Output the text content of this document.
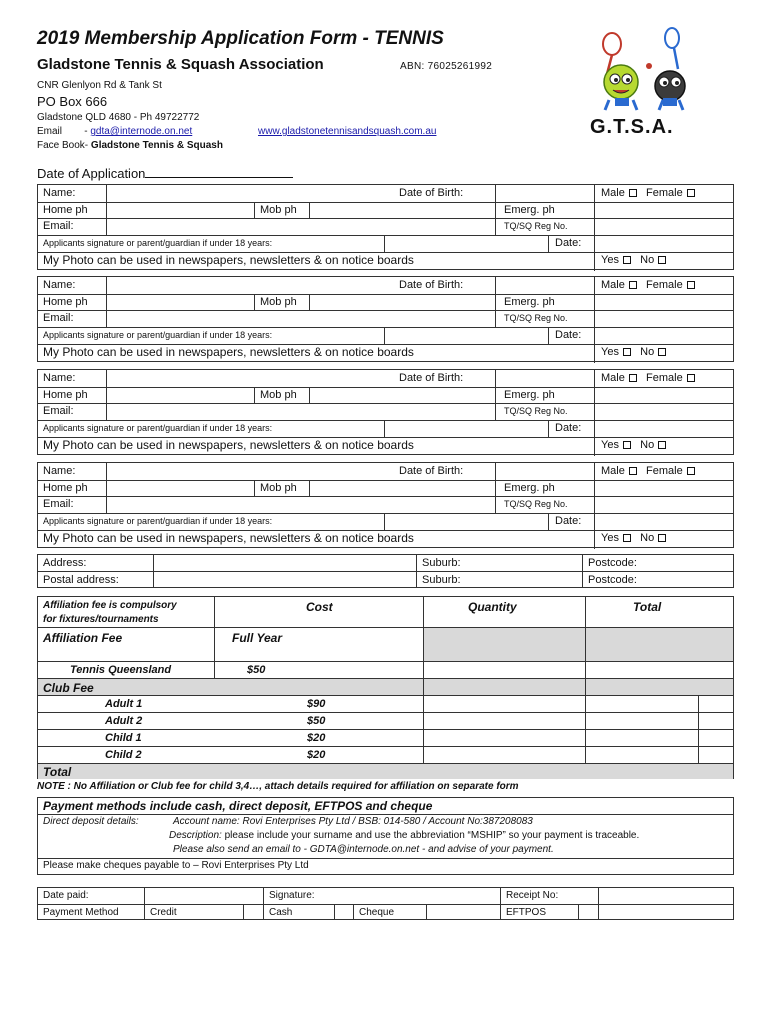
2019 Membership Application Form - TENNIS
Gladstone Tennis & Squash Association	ABN: 76025261992
CNR Glenlyon Rd & Tank St
PO Box 666
Gladstone QLD 4680 - Ph 49722772
Email        - gdta@internode.on.net	www.gladstonetennisandsquash.com.au
Face Book- Gladstone Tennis & Squash
G.T.S.A.
Date of Application
Name:	Date of Birth:	Male Female
Home ph	Mob ph	Emerg. ph
Email:	TQ/SQ Reg No.
Applicants signature or parent/guardian if under 18 years:	Date:
My Photo can be used in newspapers, newsletters & on notice boards	Yes No
Name:	Date of Birth:	Male Female
Home ph	Mob ph	Emerg. ph
Email:	TQ/SQ Reg No.
Applicants signature or parent/guardian if under 18 years:	Date:
My Photo can be used in newspapers, newsletters & on notice boards	Yes No
Name:	Date of Birth:	Male Female
Home ph	Mob ph	Emerg. ph
Email:	TQ/SQ Reg No.
Applicants signature or parent/guardian if under 18 years:	Date:
My Photo can be used in newspapers, newsletters & on notice boards	Yes No
Name:	Date of Birth:	Male Female
Home ph	Mob ph	Emerg. ph
Email:	TQ/SQ Reg No.
Applicants signature or parent/guardian if under 18 years:	Date:
My Photo can be used in newspapers, newsletters & on notice boards	Yes No
Address:	Suburb:	Postcode:
Postal address:	Suburb:	Postcode:
Affiliation fee is compulsory
for fixtures/tournaments
Cost	Quantity	Total
Affiliation Fee	Full Year
Tennis Queensland	$50
Club Fee
Adult 1	$90
Adult 2	$50
Child 1	$20
Child 2	$20
Total
NOTE : No Affiliation or Club fee for child 3,4…, attach details required for affiliation on separate form
Payment methods include cash, direct deposit, EFTPOS and cheque
Direct deposit details:	Account name: Rovi Enterprises Pty Ltd / BSB: 014-580 / Account No:387208083
Description: please include your surname and use the abbreviation “MSHIP” so your payment is traceable.
Please also send an email to - GDTA@internode.on.net - and advise of your payment.
Please make cheques payable to – Rovi Enterprises Pty Ltd
Date paid:	Signature:	Receipt No:
Payment Method	Credit	Cash	Cheque	EFTPOS
